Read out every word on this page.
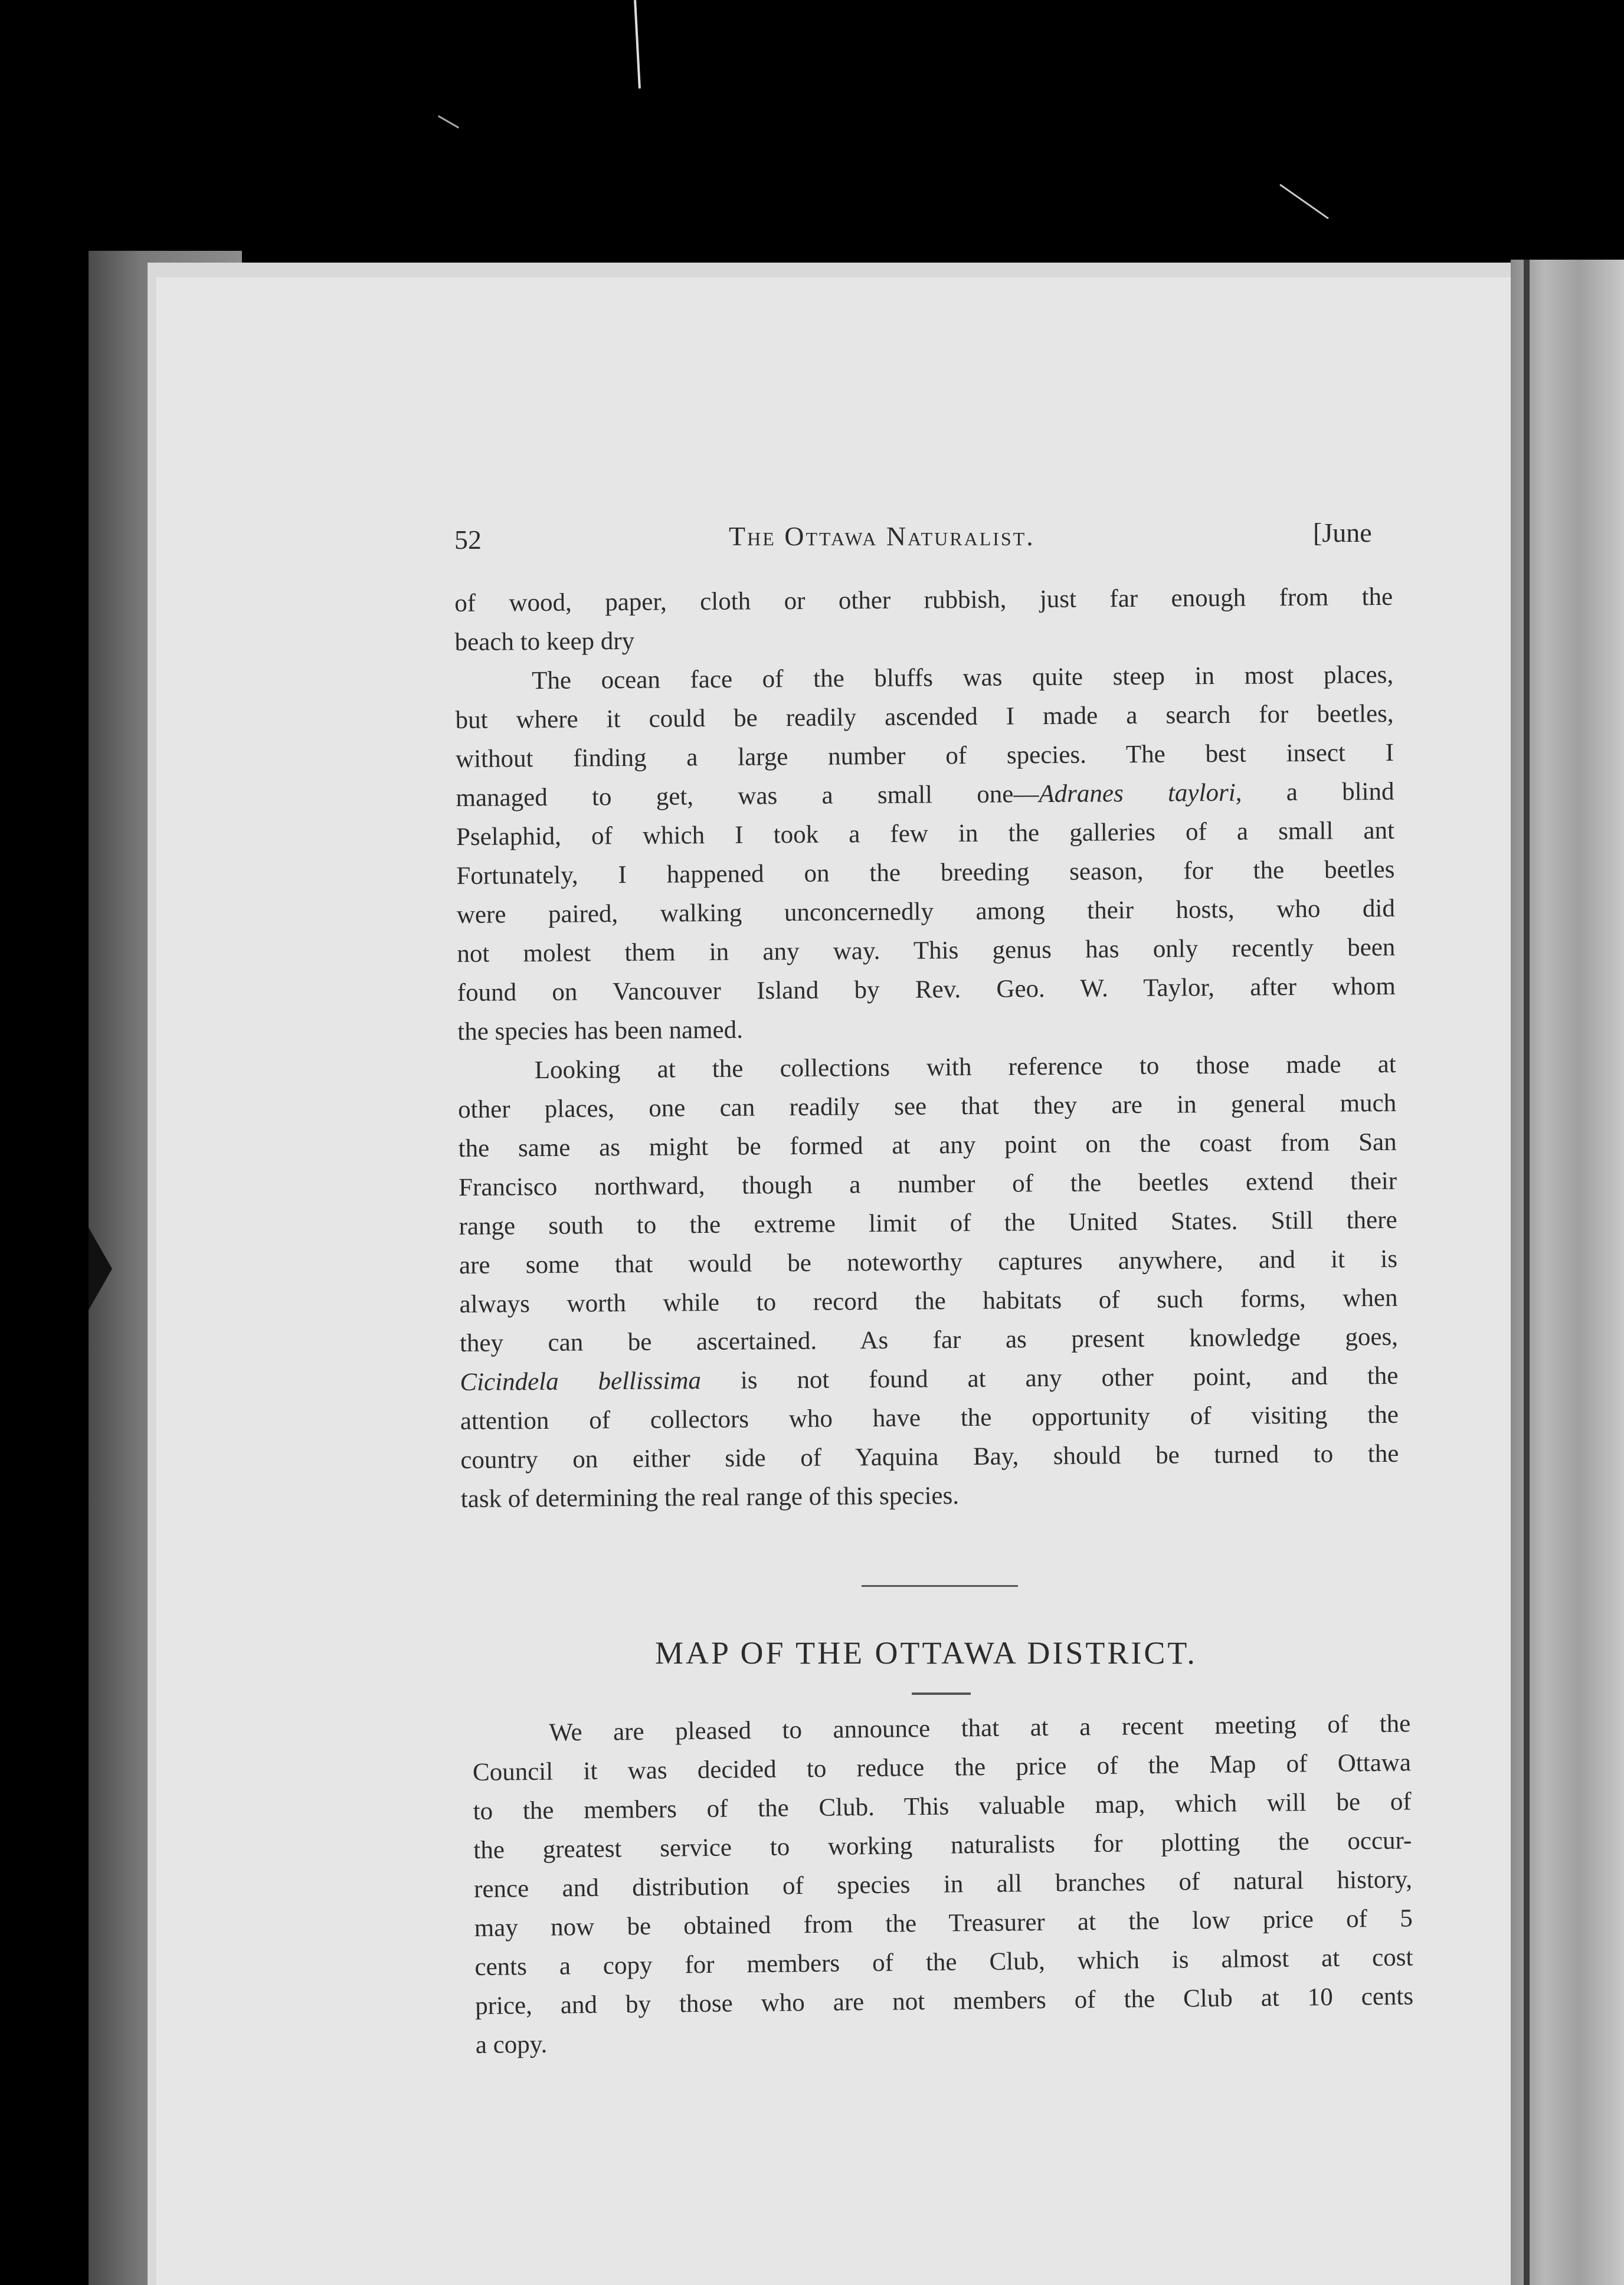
52	The Ottawa Naturalist.	[June

of wood, paper, cloth or other rubbish, just far enough from the

beach to keep dry

The ocean face of the bluffs was quite steep in most places,

but where it could be readily ascended I made a search for beetles,

without finding a large number of species. The best insect I

managed to get, was a small one—Adranes taylori, a blind

Pselaphid, of which I took a few in the galleries of a small ant

Fortunately, I happened on the breeding season, for the beetles

were paired, walking unconcernedly among their hosts, who did

not molest them in any way. This genus has only recently been

found on Vancouver Island by Rev. Geo. W. Taylor, after whom

the species has been named.

Looking at the collections with reference to those made at

other places, one can readily see that they are in general much

the same as might be formed at any point on the coast from San

Francisco northward, though a number of the beetles extend their

range south to the extreme limit of the United States. Still there

are some that would be noteworthy captures anywhere, and it is

always worth while to record the habitats of such forms, when

they can be ascertained. As far as present knowledge goes,

Cicindela bellissima is not found at any other point, and the

attention of collectors who have the opportunity of visiting the

country on either side of Yaquina Bay, should be turned to the

task of determining the real range of this species.

MAP OF THE OTTAWA DISTRICT.

We are pleased to announce that at a recent meeting of the

Council it was decided to reduce the price of the Map of Ottawa

to the members of the Club. This valuable map, which will be of

the greatest service to working naturalists for plotting the occur-

rence and distribution of species in all branches of natural history,

may now be obtained from the Treasurer at the low price of 5

cents a copy for members of the Club, which is almost at cost

price, and by those who are not members of the Club at 10 cents

a copy.
